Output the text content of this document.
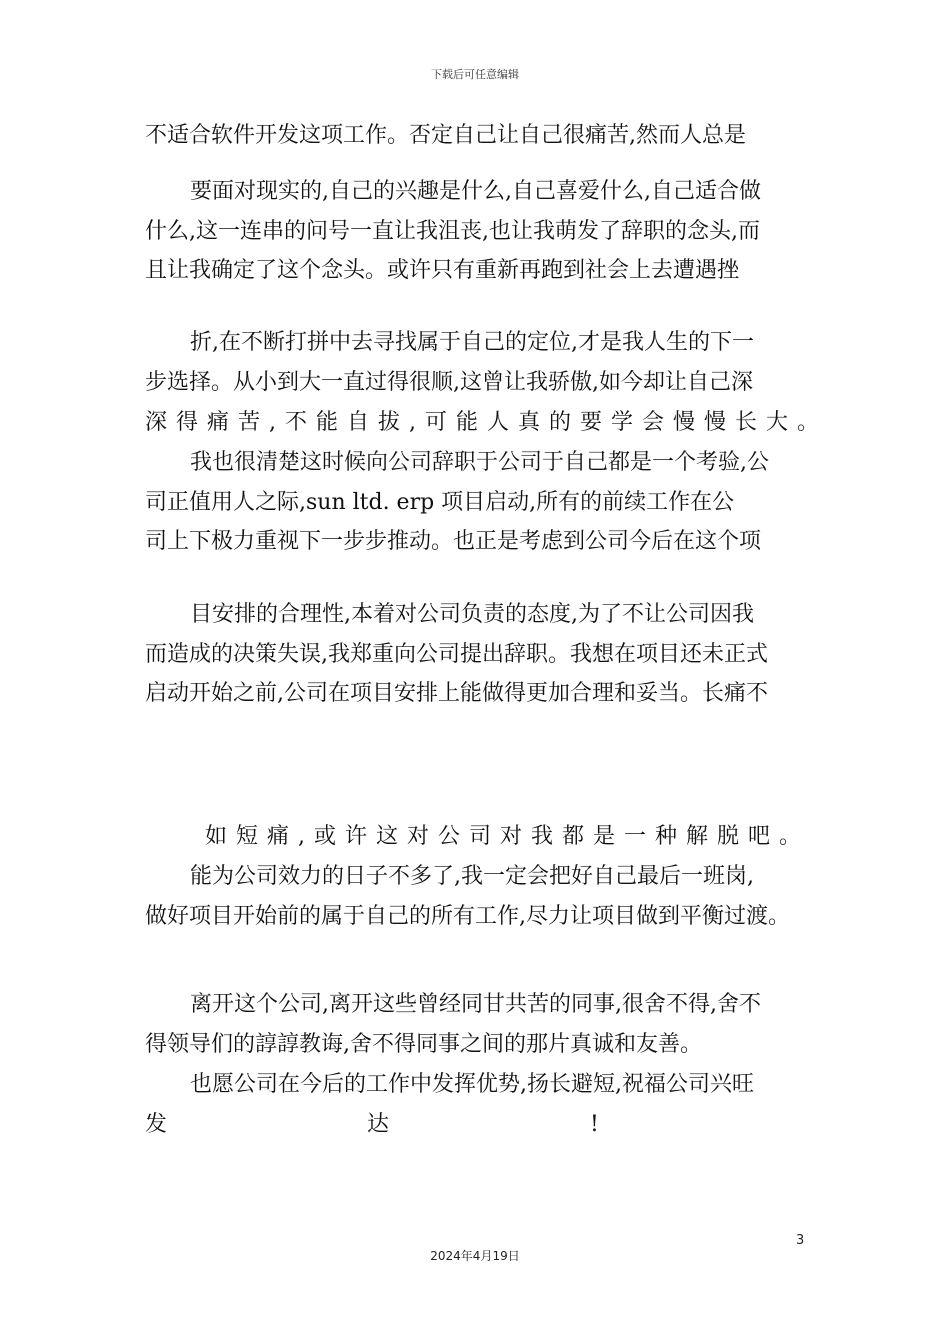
下载后可任意编辑
不适合软件开发这项工作。否定自己让自己很痛苦,然而人总是
要面对现实的,自己的兴趣是什么,自己喜爱什么,自己适合做
什么,这一连串的问号一直让我沮丧,也让我萌发了辞职的念头,而
且让我确定了这个念头。或许只有重新再跑到社会上去遭遇挫
折,在不断打拼中去寻找属于自己的定位,才是我人生的下一
步选择。从小到大一直过得很顺,这曾让我骄傲,如今却让自己深
深得痛苦,不能自拔,可能人真的要学会慢慢长大。
我也很清楚这时候向公司辞职于公司于自己都是一个考验,公
司正值用人之际,sun ltd. erp 项目启动,所有的前续工作在公
司上下极力重视下一步步推动。也正是考虑到公司今后在这个项
目安排的合理性,本着对公司负责的态度,为了不让公司因我
而造成的决策失误,我郑重向公司提出辞职。我想在项目还未正式
启动开始之前,公司在项目安排上能做得更加合理和妥当。长痛不
如短痛,或许这对公司对我都是一种解脱吧。
能为公司效力的日子不多了,我一定会把好自己最后一班岗,
做好项目开始前的属于自己的所有工作,尽力让项目做到平衡过渡。
离开这个公司,离开这些曾经同甘共苦的同事,很舍不得,舍不
得领导们的諄諄教诲,舍不得同事之间的那片真诚和友善。
也愿公司在今后的工作中发挥优势,扬长避短,祝福公司兴旺
发	达	!
3
2024年4月19日
